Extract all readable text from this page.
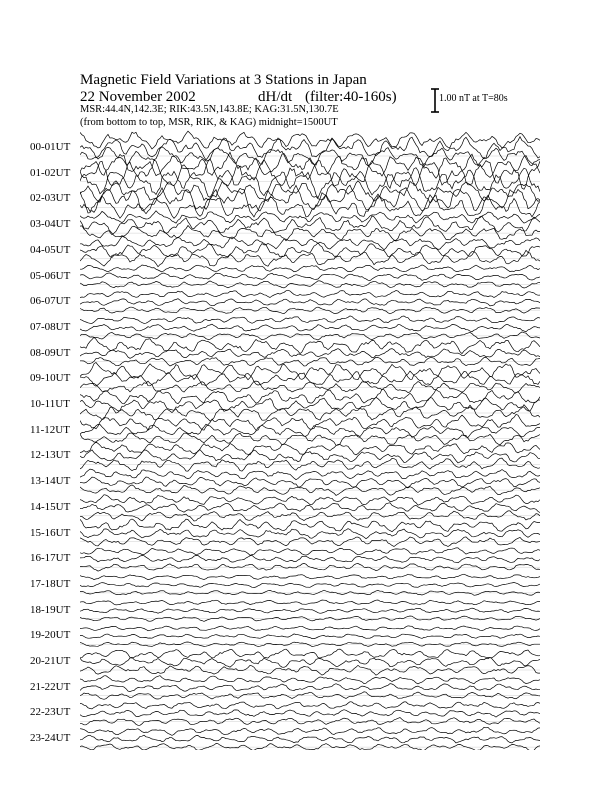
Magnetic Field Variations at 3 Stations in Japan
22 November 2002	dH/dt (filter:40-160s)
MSR:44.4N,142.3E; RIK:43.5N,143.8E; KAG:31.5N,130.7E
(from bottom to top, MSR, RIK, & KAG) midnight=1500UT
1.00 nT at T=80s
00-01UT
01-02UT
02-03UT
03-04UT
04-05UT
05-06UT
06-07UT
07-08UT
08-09UT
09-10UT
10-11UT
11-12UT
12-13UT
13-14UT
14-15UT
15-16UT
16-17UT
17-18UT
18-19UT
19-20UT
20-21UT
21-22UT
22-23UT
23-24UT
